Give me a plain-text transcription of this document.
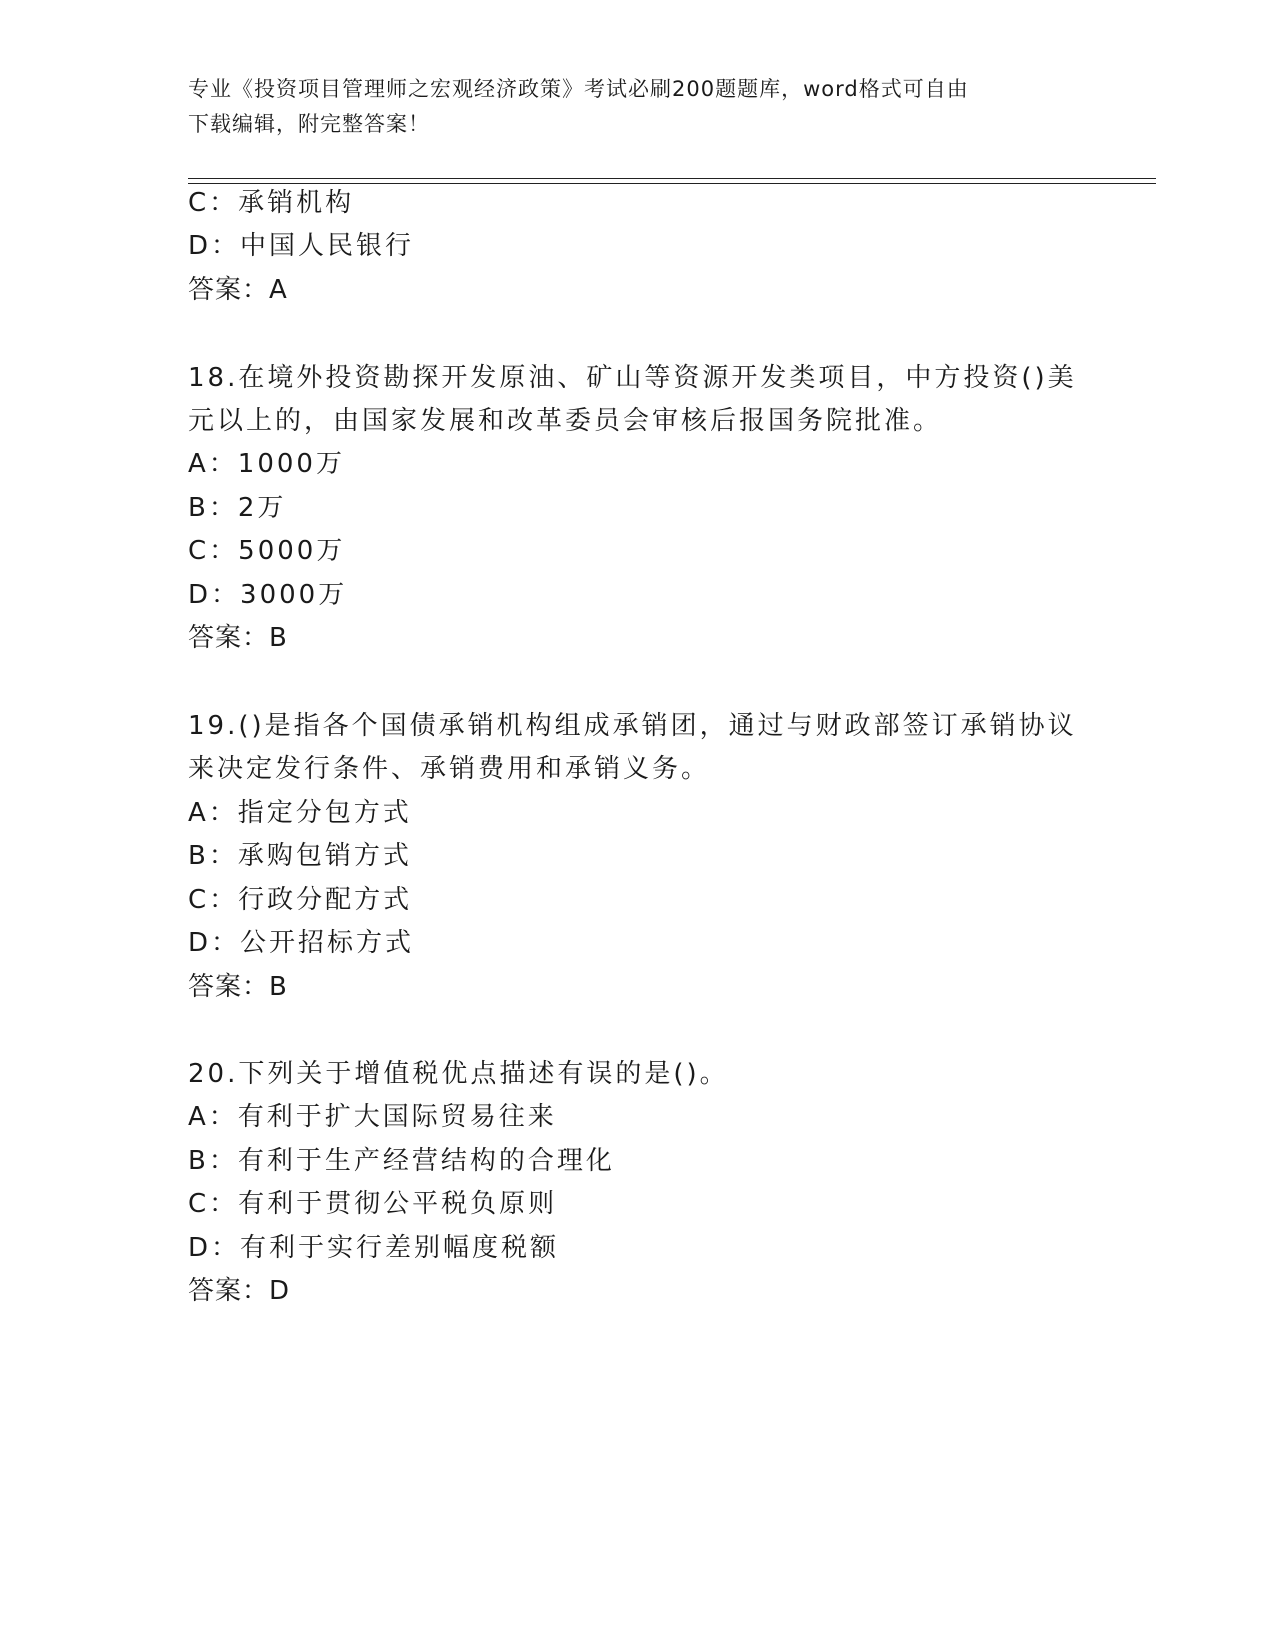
专业《投资项目管理师之宏观经济政策》考试必刷200题题库，word格式可自由
下载编辑，附完整答案！
C：承销机构
D：中国人民银行
答案：A
18.在境外投资勘探开发原油、矿山等资源开发类项目，中方投资()美
元以上的，由国家发展和改革委员会审核后报国务院批准。
A：1000万
B：2万
C：5000万
D：3000万
答案：B
19.()是指各个国债承销机构组成承销团，通过与财政部签订承销协议
来决定发行条件、承销费用和承销义务。
A：指定分包方式
B：承购包销方式
C：行政分配方式
D：公开招标方式
答案：B
20.下列关于增值税优点描述有误的是()。
A：有利于扩大国际贸易往来
B：有利于生产经营结构的合理化
C：有利于贯彻公平税负原则
D：有利于实行差别幅度税额
答案：D
